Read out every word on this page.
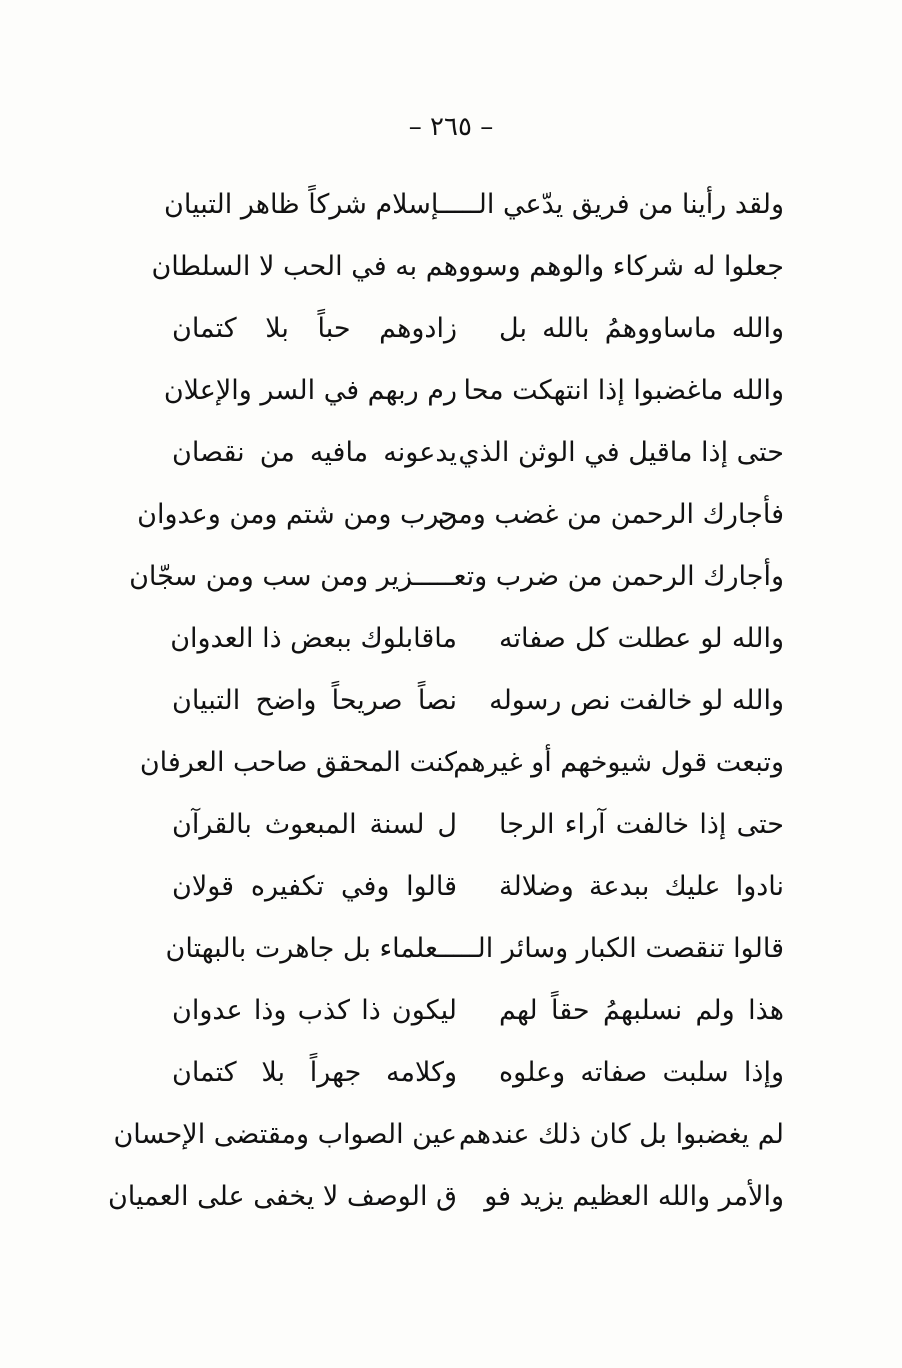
– ٢٦٥ –
ولقد رأينا من فريق يدّعي الـــــإسلام شركاً ظاهر التبيان
جعلوا له شركاء والوهم وسووهم به في الحب لا السلطان
والله ماساووهمُ بالله بل
زادوهم حباً بلا كتمان
والله ماغضبوا إذا انتهكت محا
رم ربهم في السر والإعلان
حتى إذا ماقيل في الوثن الذي
يدعونه مافيه من نقصان
فأجارك الرحمن من غضب ومن
حرب ومن شتم ومن وعدوان
وأجارك الرحمن من ضرب وتعـــــزير ومن سب ومن سجّان
والله لو عطلت كل صفاته
ماقابلوك ببعض ذا العدوان
والله لو خالفت نص رسوله
نصاً صريحاً واضح التبيان
وتبعت قول شيوخهم أو غيرهم
كنت المحقق صاحب العرفان
حتى إذا خالفت آراء الرجا
ل لسنة المبعوث بالقرآن
نادوا عليك ببدعة وضلالة
قالوا وفي تكفيره قولان
قالوا تنقصت الكبار وسائر الـــــعلماء بل جاهرت بالبهتان
هذا ولم نسلبهمُ حقاً لهم
ليكون ذا كذب وذا عدوان
وإذا سلبت صفاته وعلوه
وكلامه جهراً بلا كتمان
لم يغضبوا بل كان ذلك عندهم
عين الصواب ومقتضى الإحسان
والأمر والله العظيم يزيد فو
ق الوصف لا يخفى على العميان
